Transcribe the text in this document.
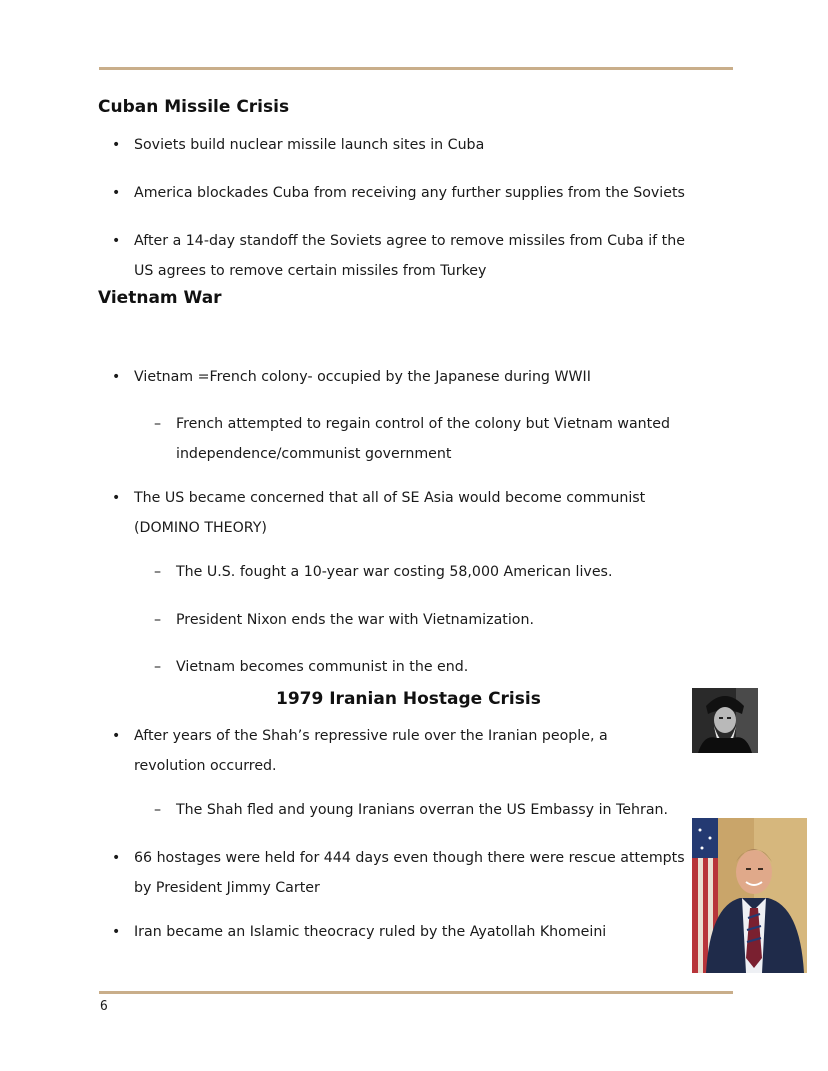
Cuban Missile Crisis
• Soviets build nuclear missile launch sites in Cuba
• America blockades Cuba from receiving any further supplies from the Soviets
• After a 14-day standoff the Soviets agree to remove missiles from Cuba if the US agrees to remove certain missiles from Turkey
Vietnam War
• Vietnam =French colony- occupied by the Japanese during WWII
– French attempted to regain control of the colony but Vietnam wanted independence/communist government
• The US became concerned that all of SE Asia would become communist (DOMINO THEORY)
– The U.S. fought a 10-year war costing 58,000 American lives.
– President Nixon ends the war with Vietnamization.
– Vietnam becomes communist in the end.
1979 Iranian Hostage Crisis
• After years of the Shah’s repressive rule over the Iranian people, a revolution occurred.
– The Shah fled and young Iranians overran the US Embassy in Tehran.
• 66 hostages were held for 444 days even though there were rescue attempts by President Jimmy Carter
• Iran became an Islamic theocracy ruled by the Ayatollah Khomeini
6
